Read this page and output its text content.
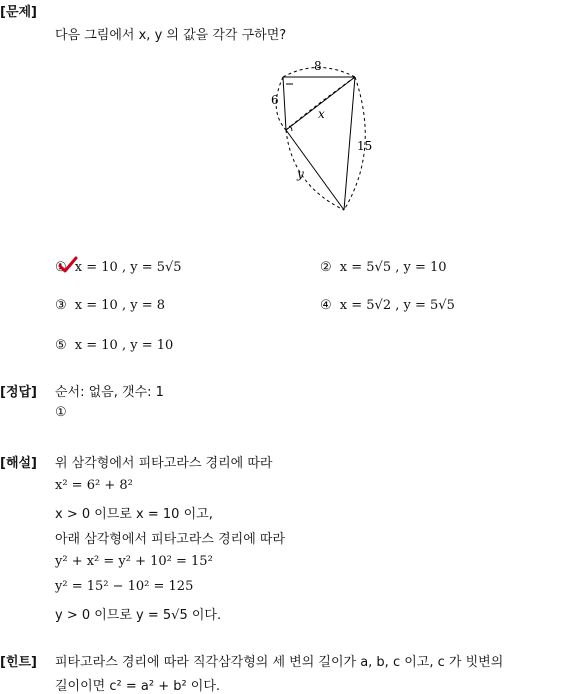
[문제]
다음 그림에서 x, y 의 값을 각각 구하면?
8
6
15
x
y
① x = 10 , y = 5√5	② x = 5√5 , y = 10
③ x = 10 , y = 8	④ x = 5√2 , y = 5√5
⑤ x = 10 , y = 10
[정답] 순서: 없음, 갯수: 1
①
[해설] 위 삼각형에서 피타고라스 경리에 따라
x² = 6² + 8²
x > 0 이므로 x = 10 이고,
아래 삼각형에서 피타고라스 경리에 따라
y² + x² = y² + 10² = 15²
y² = 15² − 10² = 125
y > 0 이므로 y = 5√5 이다.
[힌트] 피타고라스 경리에 따라 직각삼각형의 세 변의 길이가 a, b, c 이고, c 가 빗변의
길이이면 c² = a² + b² 이다.
